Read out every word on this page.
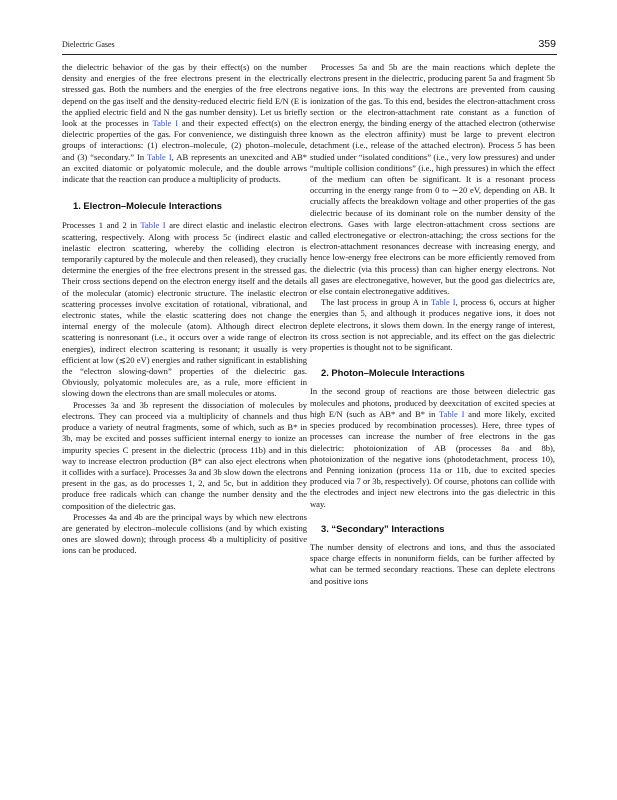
Dielectric Gases	359

the dielectric behavior of the gas by their effect(s) on the number density and energies of the free electrons present in the electrically stressed gas. Both the numbers and the energies of the free electrons depend on the gas itself and the density-reduced electric field E/N (E is the applied electric field and N the gas number density). Let us briefly look at the processes in Table I and their expected effect(s) on the dielectric properties of the gas. For convenience, we distinguish three groups of interactions: (1) electron–molecule, (2) photon–molecule, and (3) “secondary.” In Table I, AB represents an unexcited and AB* an excited diatomic or polyatomic molecule, and the double arrows indicate that the reaction can produce a multiplicity of products.

1. Electron–Molecule Interactions

Processes 1 and 2 in Table I are direct elastic and inelastic electron scattering, respectively. Along with process 5c (indirect elastic and inelastic electron scattering, whereby the colliding electron is temporarily captured by the molecule and then released), they crucially determine the energies of the free electrons present in the stressed gas. Their cross sections depend on the electron energy itself and the details of the molecular (atomic) electronic structure. The inelastic electron scattering processes involve excitation of rotational, vibrational, and electronic states, while the elastic scattering does not change the internal energy of the molecule (atom). Although direct electron scattering is nonresonant (i.e., it occurs over a wide range of electron energies), indirect electron scattering is resonant; it usually is very efficient at low (≲20 eV) energies and rather significant in establishing the “electron slowing-down” properties of the dielectric gas. Obviously, polyatomic molecules are, as a rule, more efficient in slowing down the electrons than are small molecules or atoms.

Processes 3a and 3b represent the dissociation of molecules by electrons. They can proceed via a multiplicity of channels and thus produce a variety of neutral fragments, some of which, such as B* in 3b, may be excited and posses sufficient internal energy to ionize an impurity species C present in the dielectric (process 11b) and in this way to increase electron production (B* can also eject electrons when it collides with a surface). Processes 3a and 3b slow down the electrons present in the gas, as do processes 1, 2, and 5c, but in addition they produce free radicals which can change the number density and the composition of the dielectric gas.

Processes 4a and 4b are the principal ways by which new electrons are generated by electron–molecule collisions (and by which existing ones are slowed down); through process 4b a multiplicity of positive ions can be produced.

Processes 5a and 5b are the main reactions which deplete the electrons present in the dielectric, producing parent 5a and fragment 5b negative ions. In this way the electrons are prevented from causing ionization of the gas. To this end, besides the electron-attachment cross section or the electron-attachment rate constant as a function of electron energy, the binding energy of the attached electron (otherwise known as the electron affinity) must be large to prevent electron detachment (i.e., release of the attached electron). Process 5 has been studied under “isolated conditions” (i.e., very low pressures) and under “multiple collision conditions” (i.e., high pressures) in which the effect of the medium can often be significant. It is a resonant process occurring in the energy range from 0 to ∼20 eV, depending on AB. It crucially affects the breakdown voltage and other properties of the gas dielectric because of its dominant role on the number density of the electrons. Gases with large electron-attachment cross sections are called electronegative or electron-attaching; the cross sections for the electron-attachment resonances decrease with increasing energy, and hence low-energy free electrons can be more efficiently removed from the dielectric (via this process) than can higher energy electrons. Not all gases are electronegative, however, but the good gas dielectrics are, or else contain electronegative additives.

The last process in group A in Table I, process 6, occurs at higher energies than 5, and although it produces negative ions, it does not deplete electrons, it slows them down. In the energy range of interest, its cross section is not appreciable, and its effect on the gas dielectric properties is thought not to be significant.

2. Photon–Molecule Interactions

In the second group of reactions are those between dielectric gas molecules and photons, produced by deexcitation of excited species at high E/N (such as AB* and B* in Table I and more likely, excited species produced by recombination processes). Here, three types of processes can increase the number of free electrons in the gas dielectric: photoionization of AB (processes 8a and 8b), photoionization of the negative ions (photodetachment, process 10), and Penning ionization (process 11a or 11b, due to excited species produced via 7 or 3b, respectively). Of course, photons can collide with the electrodes and inject new electrons into the gas dielectric in this way.

3. “Secondary” Interactions

The number density of electrons and ions, and thus the associated space charge effects in nonuniform fields, can be further affected by what can be termed secondary reactions. These can deplete electrons and positive ions
